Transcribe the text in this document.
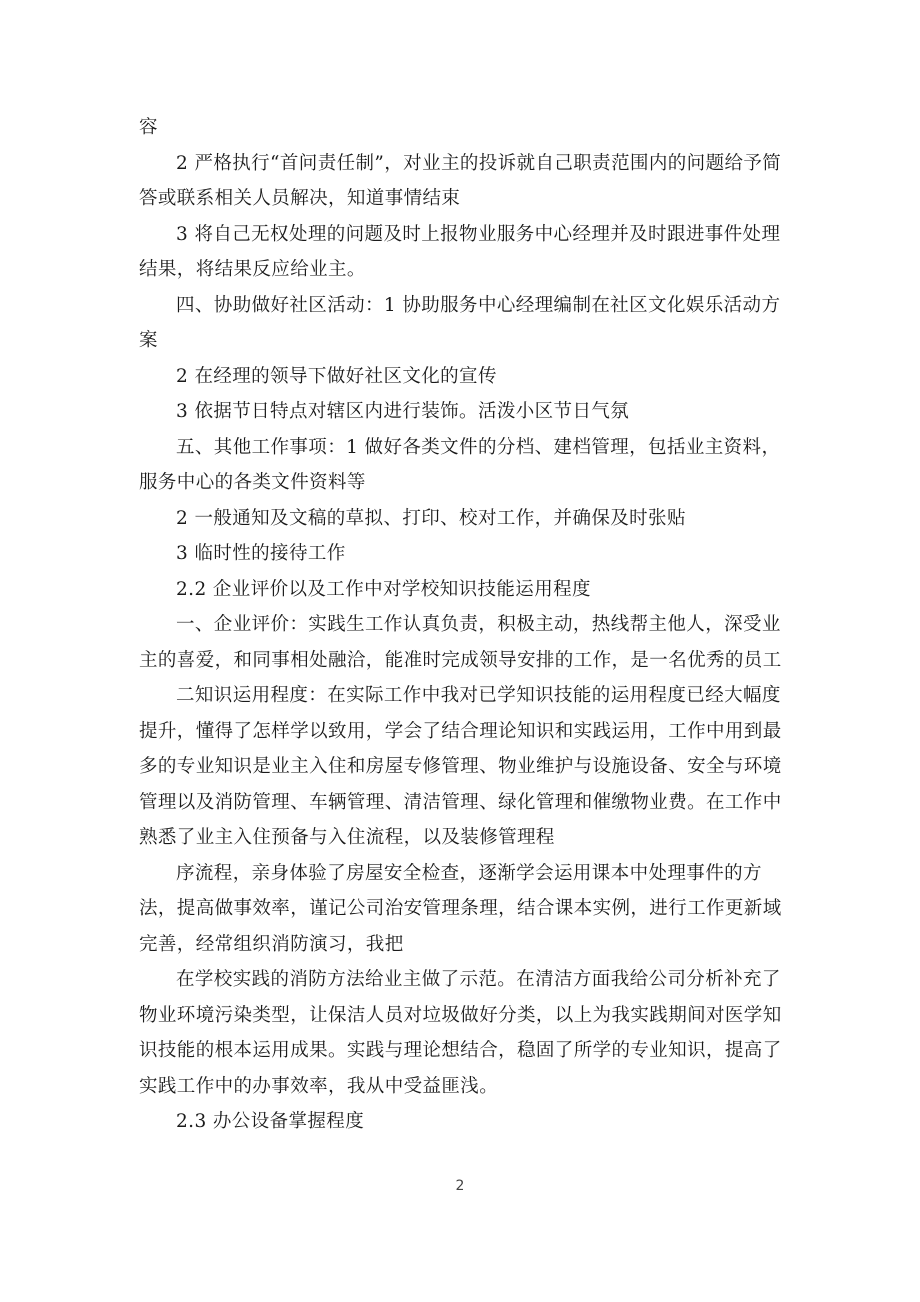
容

2 严格执行“首问责任制”，对业主的投诉就自己职责范围内的问题给予简答或联系相关人员解决，知道事情结束

3 将自己无权处理的问题及时上报物业服务中心经理并及时跟进事件处理结果，将结果反应给业主。

四、协助做好社区活动：1 协助服务中心经理编制在社区文化娱乐活动方案

2 在经理的领导下做好社区文化的宣传

3 依据节日特点对辖区内进行装饰。活泼小区节日气氛

五、其他工作事项：1 做好各类文件的分档、建档管理，包括业主资料，服务中心的各类文件资料等

2 一般通知及文稿的草拟、打印、校对工作，并确保及时张贴

3 临时性的接待工作

2.2 企业评价以及工作中对学校知识技能运用程度

一、企业评价：实践生工作认真负责，积极主动，热线帮主他人，深受业主的喜爱，和同事相处融洽，能准时完成领导安排的工作，是一名优秀的员工

二知识运用程度：在实际工作中我对已学知识技能的运用程度已经大幅度提升，懂得了怎样学以致用，学会了结合理论知识和实践运用，工作中用到最多的专业知识是业主入住和房屋专修管理、物业维护与设施设备、安全与环境管理以及消防管理、车辆管理、清洁管理、绿化管理和催缴物业费。在工作中熟悉了业主入住预备与入住流程，以及装修管理程

序流程，亲身体验了房屋安全检查，逐渐学会运用课本中处理事件的方法，提高做事效率，谨记公司治安管理条理，结合课本实例，进行工作更新域完善，经常组织消防演习，我把

在学校实践的消防方法给业主做了示范。在清洁方面我给公司分析补充了物业环境污染类型，让保洁人员对垃圾做好分类，以上为我实践期间对医学知识技能的根本运用成果。实践与理论想结合，稳固了所学的专业知识，提高了实践工作中的办事效率，我从中受益匪浅。

2.3 办公设备掌握程度

2
